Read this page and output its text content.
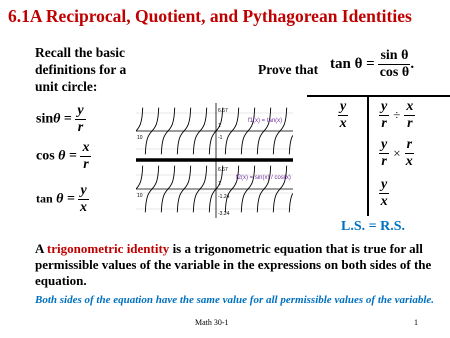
6.1A Reciprocal, Quotient, and Pythagorean Identities
Recall the basic
definitions for a
unit circle:
$\sin\theta = \frac{y}{r}$
$\cos \theta = \frac{x}{r}$
$\tan \theta = \frac{y}{x}$
6.67
1
-1
10
6.67
1
-1.24
-3.24
10
f1(x) = tan(x)
f2(x) = sin(x) / cos(x)
Prove that $\tan \theta = \frac{\text{sin θ}}{\text{cos θ}}$ .
$\frac{y}{x} \frac{y}{r} \div \frac{x}{r}$
$\frac{y}{r} \times \frac{r}{x}$
$\frac{y}{x}$
L.S. = R.S.
A trigonometric identity is a trigonometric equation that is true for all permissible values of the variable in the expressions on both sides of the equation.
Both sides of the equation have the same value for all permissible values of the variable.
Math 30-1	1
